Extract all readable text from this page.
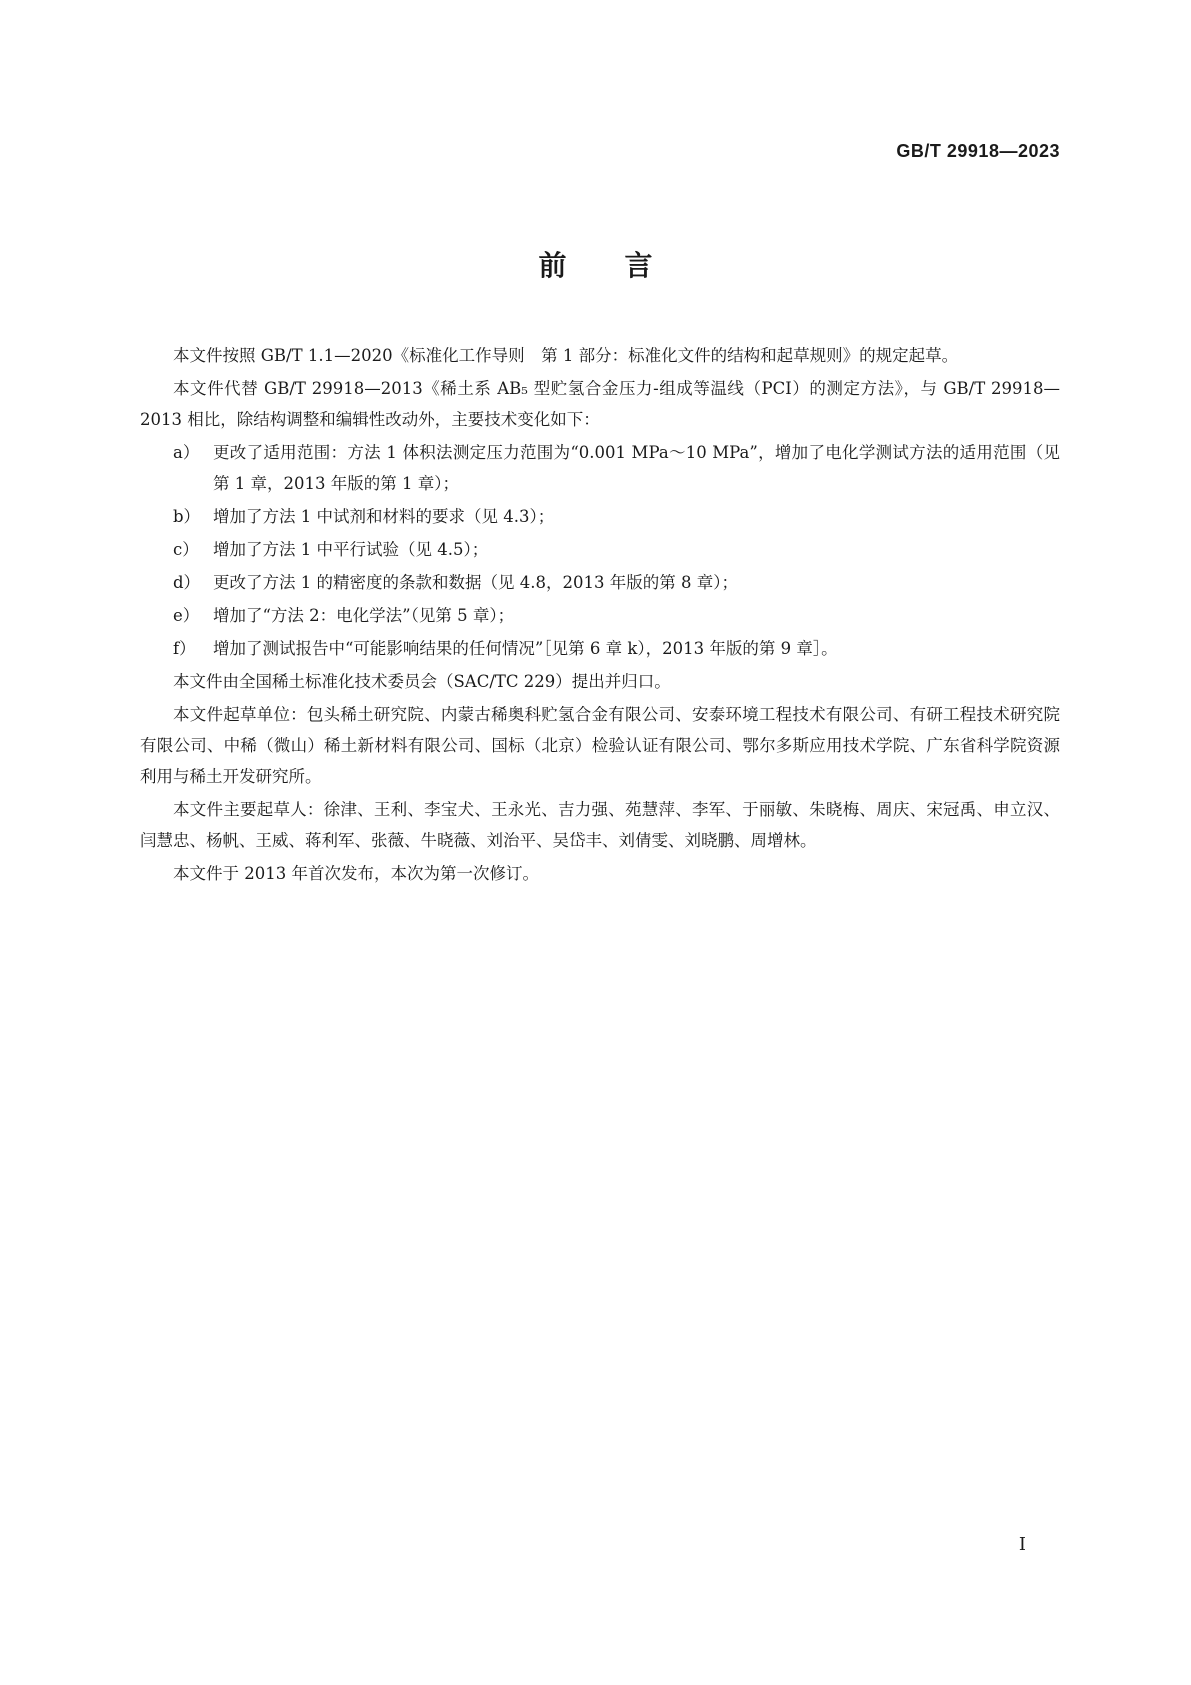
GB/T 29918—2023
前言

本文件按照 GB/T 1.1—2020《标准化工作导则　第 1 部分：标准化文件的结构和起草规则》的规定起草。

本文件代替 GB/T 29918—2013《稀土系 AB₅ 型贮氢合金压力-组成等温线（PCI）的测定方法》，与 GB/T 29918—2013 相比，除结构调整和编辑性改动外，主要技术变化如下：

a） 更改了适用范围：方法 1 体积法测定压力范围为“0.001 MPa～10 MPa”，增加了电化学测试方法的适用范围（见第 1 章，2013 年版的第 1 章）；
b） 增加了方法 1 中试剂和材料的要求（见 4.3）；
c） 增加了方法 1 中平行试验（见 4.5）；
d） 更改了方法 1 的精密度的条款和数据（见 4.8，2013 年版的第 8 章）；
e） 增加了“方法 2：电化学法”（见第 5 章）；
f）	增加了测试报告中“可能影响结果的任何情况”［见第 6 章 k），2013 年版的第 9 章］。

本文件由全国稀土标准化技术委员会（SAC/TC 229）提出并归口。

本文件起草单位：包头稀土研究院、内蒙古稀奥科贮氢合金有限公司、安泰环境工程技术有限公司、有研工程技术研究院有限公司、中稀（微山）稀土新材料有限公司、国标（北京）检验认证有限公司、鄂尔多斯应用技术学院、广东省科学院资源利用与稀土开发研究所。

本文件主要起草人：徐津、王利、李宝犬、王永光、吉力强、苑慧萍、李军、于丽敏、朱晓梅、周庆、宋冠禹、申立汉、闫慧忠、杨帆、王威、蒋利军、张薇、牛晓薇、刘治平、吴岱丰、刘倩雯、刘晓鹏、周增林。

本文件于 2013 年首次发布，本次为第一次修订。

I
